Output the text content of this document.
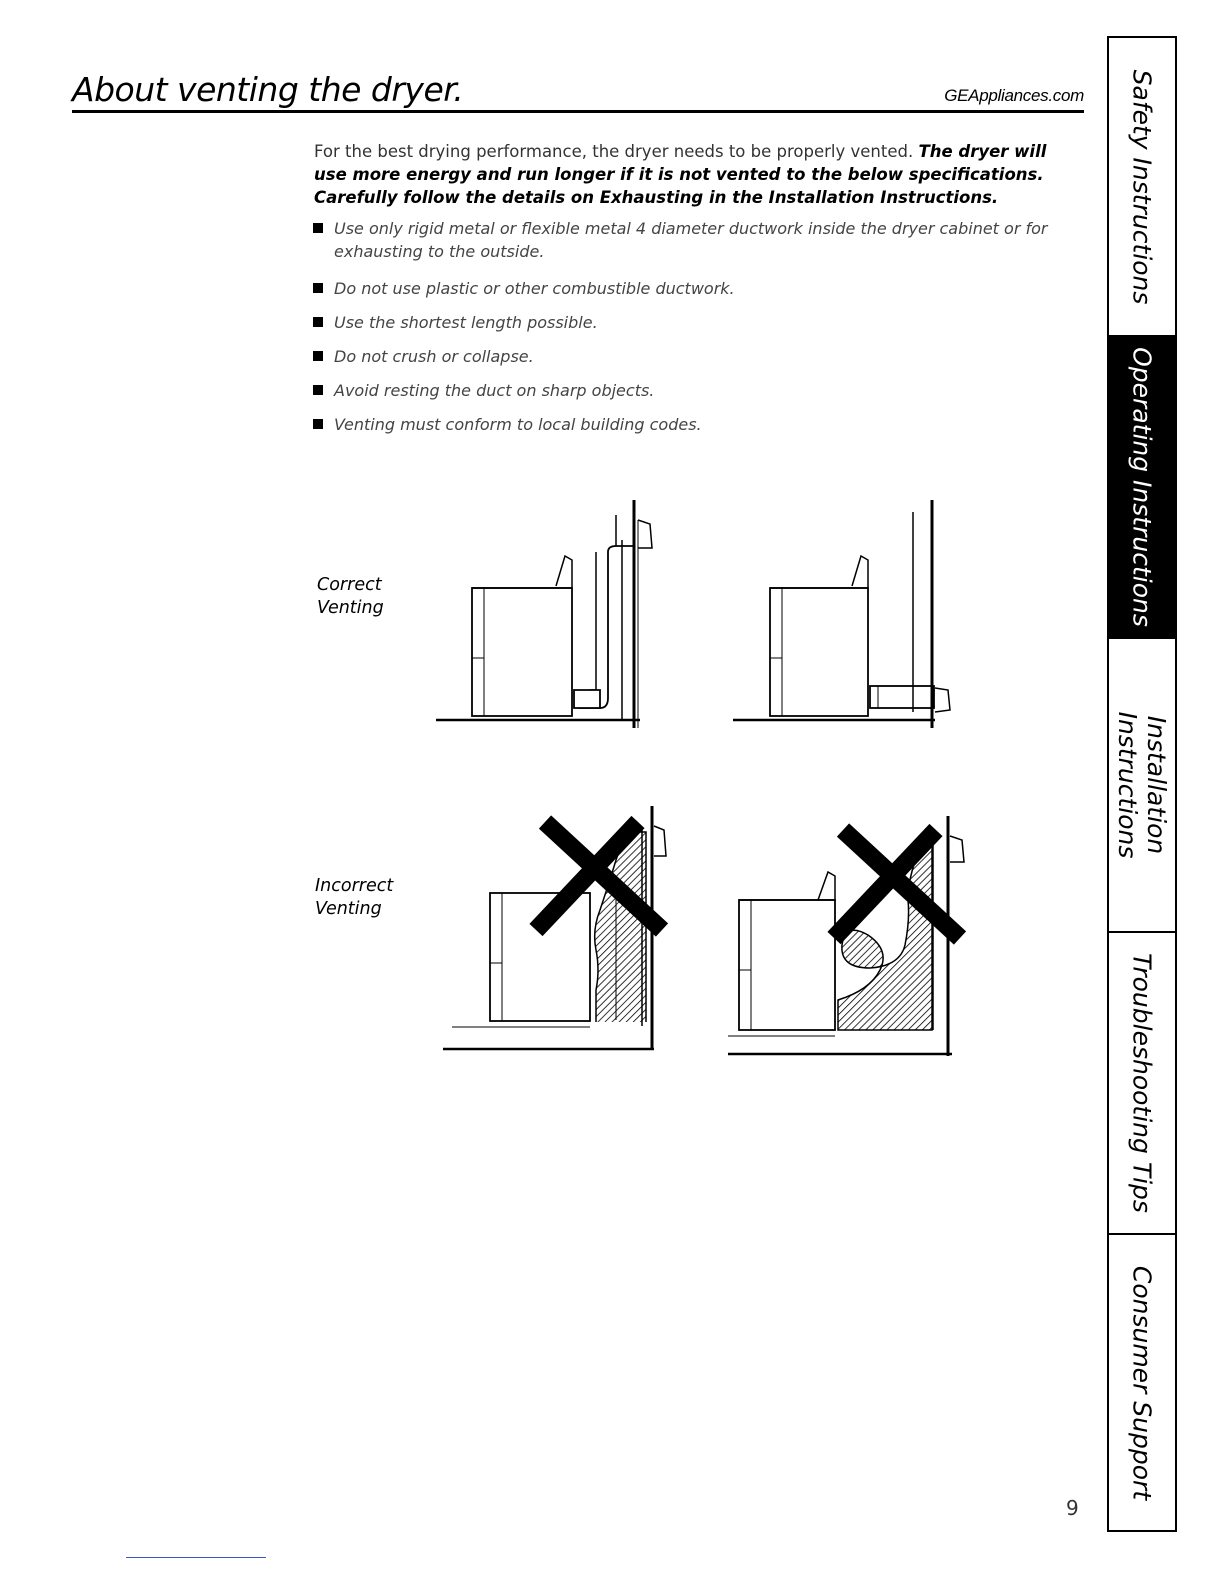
About venting the dryer.	GEAppliances.com
For the best drying performance, the dryer needs to be properly vented. The dryer will use more energy and run longer if it is not vented to the below specifications. Carefully follow the details on Exhausting in the Installation Instructions.
Use only rigid metal or flexible metal 4 diameter ductwork inside the dryer cabinet or for exhausting to the outside.
Do not use plastic or other combustible ductwork.
Use the shortest length possible.
Do not crush or collapse.
Avoid resting the duct on sharp objects.
Venting must conform to local building codes.
Correct
Venting
Incorrect
Venting
Safety Instructions
Operating Instructions
Installation
Instructions
Troubleshooting Tips
Consumer Support
9
